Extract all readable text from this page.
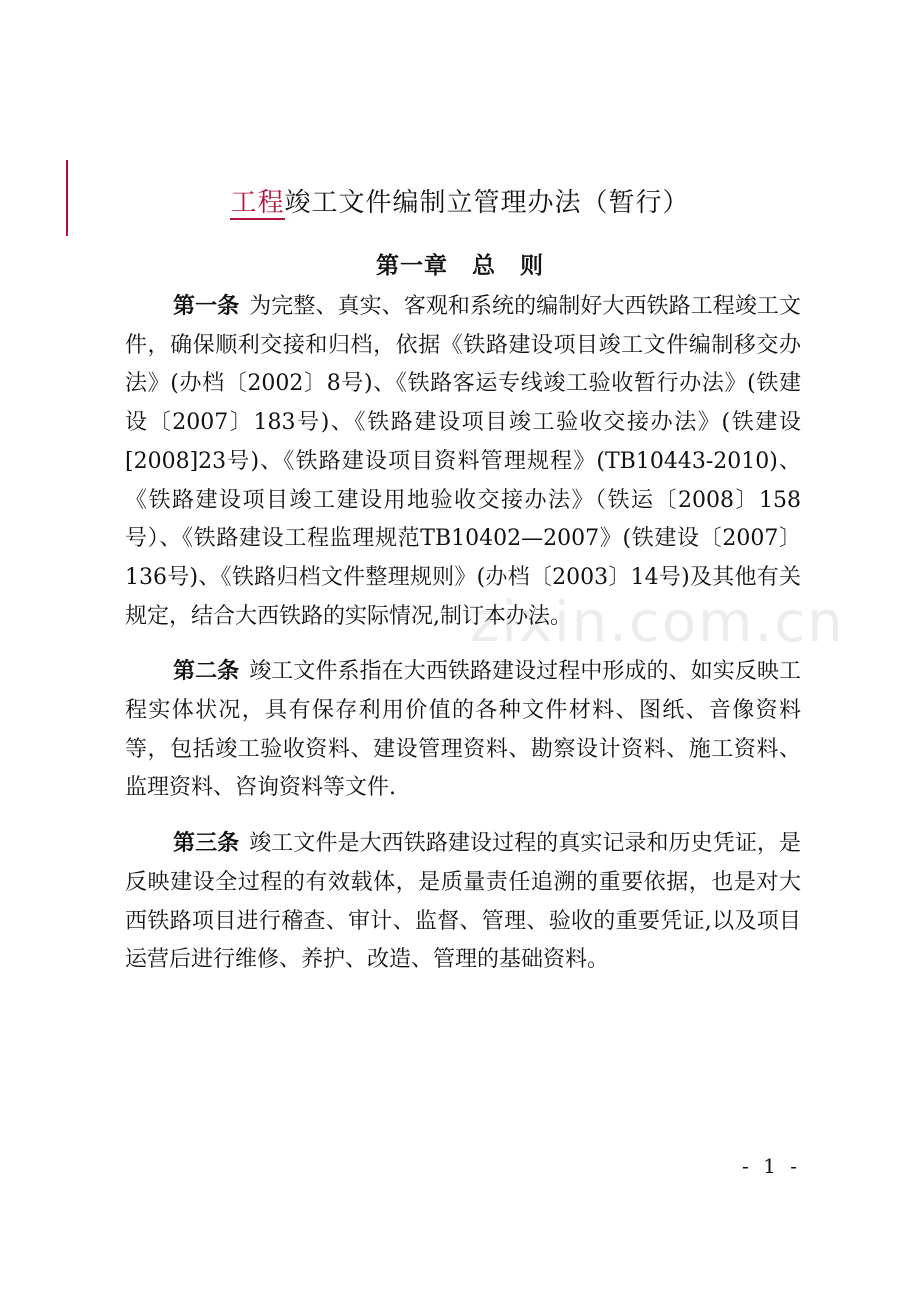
工程竣工文件编制立管理办法（暂行）
第一章　总　则

第一条 为完整、真实、客观和系统的编制好大西铁路工程竣工文件，确保顺利交接和归档，依据《铁路建设项目竣工文件编制移交办法》(办档〔2002〕8号)、《铁路客运专线竣工验收暂行办法》(铁建设〔2007〕183号)、《铁路建设项目竣工验收交接办法》(铁建设[2008]23号)、《铁路建设项目资料管理规程》(TB10443-2010)、《铁路建设项目竣工建设用地验收交接办法》（铁运〔2008〕158号）、《铁路建设工程监理规范TB10402—2007》(铁建设〔2007〕136号)、《铁路归档文件整理规则》(办档〔2003〕14号)及其他有关规定，结合大西铁路的实际情况,制订本办法。

第二条 竣工文件系指在大西铁路建设过程中形成的、如实反映工程实体状况，具有保存利用价值的各种文件材料、图纸、音像资料等，包括竣工验收资料、建设管理资料、勘察设计资料、施工资料、监理资料、咨询资料等文件.

第三条 竣工文件是大西铁路建设过程的真实记录和历史凭证，是反映建设全过程的有效载体，是质量责任追溯的重要依据，也是对大西铁路项目进行稽查、审计、监督、管理、验收的重要凭证,以及项目运营后进行维修、养护、改造、管理的基础资料。

zixin.com.cn
- 1 -
